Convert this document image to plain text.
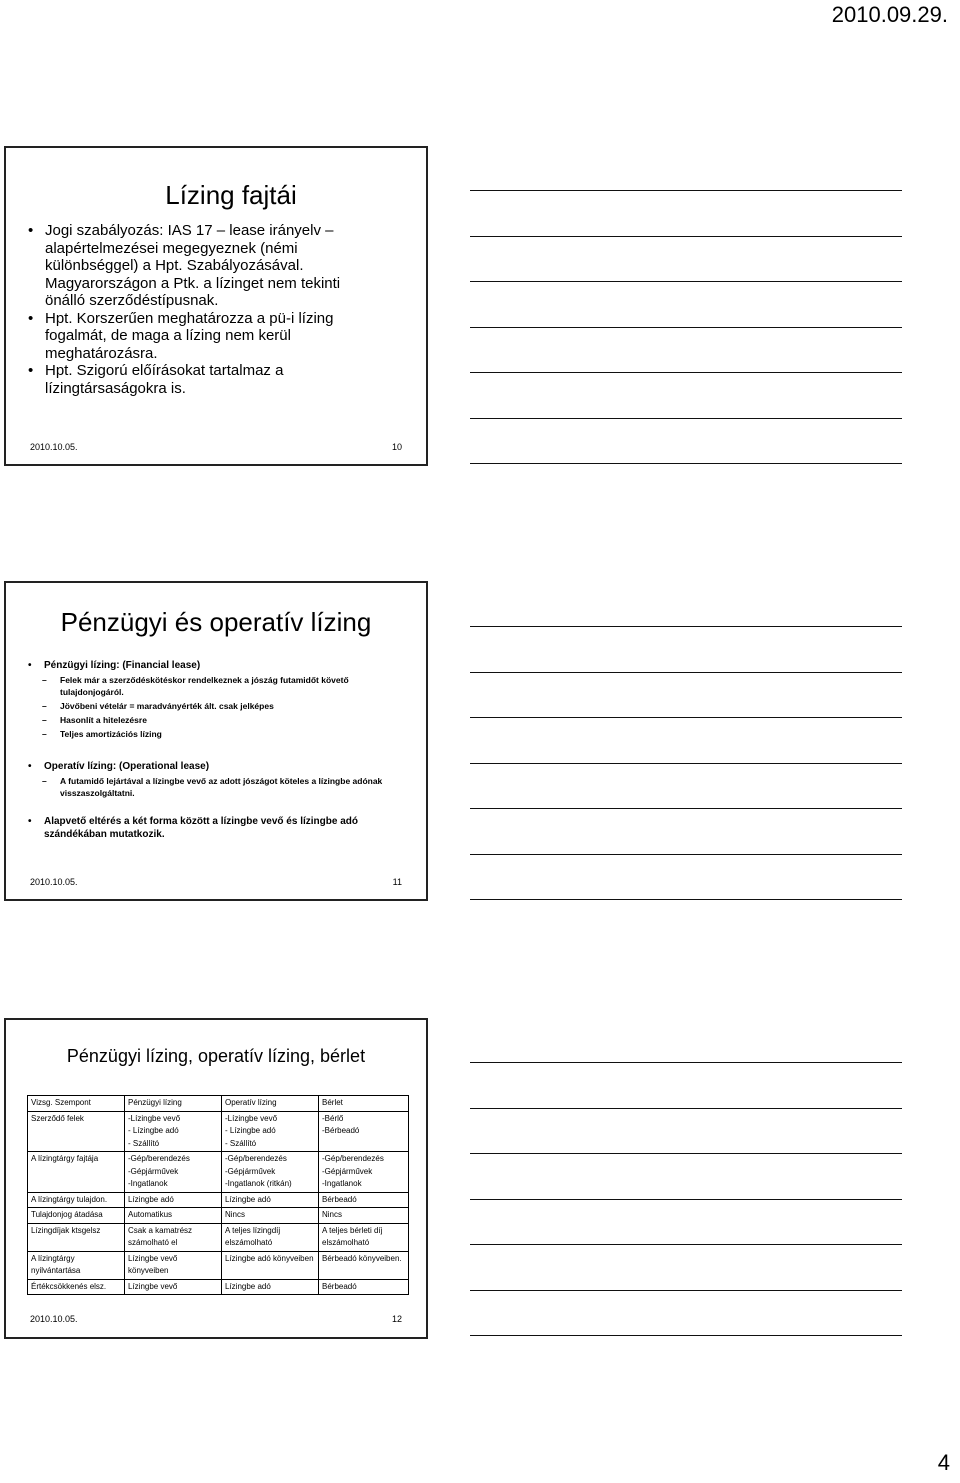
2010.09.29.
Lízing fajtái
• Jogi szabályozás: IAS 17 – lease irányelv – alapértelmezései megegyeznek (némi különbséggel) a Hpt. Szabályozásával. Magyarországon a Ptk. a lízinget nem tekinti önálló szerződéstípusnak.
• Hpt. Korszerűen meghatározza a pü-i lízing fogalmát, de maga a lízing nem kerül meghatározásra.
• Hpt. Szigorú előírásokat tartalmaz a lízingtársaságokra is.
2010.10.05.	10
Pénzügyi és operatív lízing
• Pénzügyi lízing: (Financial lease)
– Felek már a szerződéskötéskor rendelkeznek a jószág futamidőt követő tulajdonjogáról.
– Jövőbeni vételár = maradványérték ált. csak jelképes
– Hasonlít a hitelezésre
– Teljes amortizációs lízing
• Operatív lízing: (Operational lease)
– A futamidő lejártával a lízingbe vevő az adott jószágot köteles a lízingbe adónak visszaszolgáltatni.
• Alapvető eltérés a két forma között a lízingbe vevő és lízingbe adó szándékában mutatkozik.
2010.10.05.	11
Pénzügyi lízing, operatív lízing, bérlet
Vizsg. Szempont	Pénzügyi lízing	Operatív lízing	Bérlet
Szerződő felek	-Lízingbe vevő
- Lízingbe adó
- Szállító	-Lízingbe vevő
- Lízingbe adó
- Szállító	-Bérlő
-Bérbeadó
A lízingtárgy fajtája	-Gép/berendezés
-Gépjárművek
-Ingatlanok	-Gép/berendezés
-Gépjárművek
-Ingatlanok (ritkán)	-Gép/berendezés
-Gépjárművek
-Ingatlanok
A lízingtárgy tulajdon.	Lízingbe adó	Lízingbe adó	Bérbeadó
Tulajdonjog átadása	Automatikus	Nincs	Nincs
Lízingdíjak ktsgelsz	Csak a kamatrész számolható el	A teljes lízingdíj elszámolható	A teljes bérleti díj elszámolható
A lízingtárgy nyilvántartása	Lízingbe vevő könyveiben	Lízingbe adó könyveiben	Bérbeadó könyveiben.
Értékcsökkenés elsz.	Lízingbe vevő	Lízingbe adó	Bérbeadó
2010.10.05.	12
4
